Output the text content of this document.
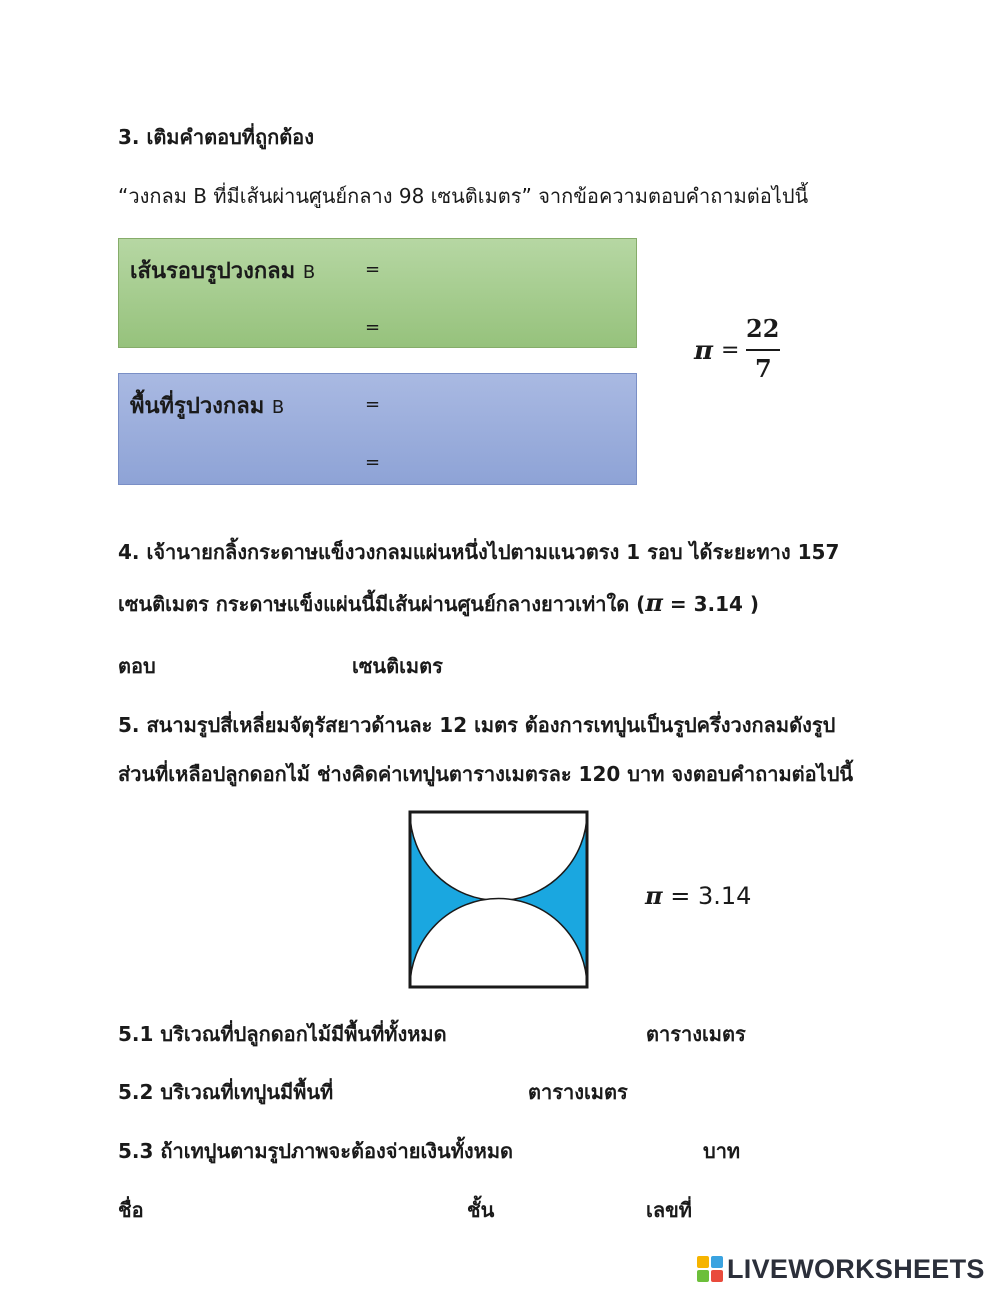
3. เติมคำตอบที่ถูกต้อง
“วงกลม B ที่มีเส้นผ่านศูนย์กลาง 98 เซนติเมตร” จากข้อความตอบคำถามต่อไปนี้
เส้นรอบรูปวงกลม B	=
=
พื้นที่รูปวงกลม B	=
=
π =
22
7
4. เจ้านายกลิ้งกระดาษแข็งวงกลมแผ่นหนึ่งไปตามแนวตรง 1 รอบ ได้ระยะทาง 157
เซนติเมตร กระดาษแข็งแผ่นนี้มีเส้นผ่านศูนย์กลางยาวเท่าใด (π = 3.14 )
ตอบ	เซนติเมตร
5. สนามรูปสี่เหลี่ยมจัตุรัสยาวด้านละ 12 เมตร ต้องการเทปูนเป็นรูปครึ่งวงกลมดังรูป
ส่วนที่เหลือปลูกดอกไม้ ช่างคิดค่าเทปูนตารางเมตรละ 120 บาท จงตอบคำถามต่อไปนี้
π = 3.14
5.1 บริเวณที่ปลูกดอกไม้มีพื้นที่ทั้งหมด	ตารางเมตร
5.2 บริเวณที่เทปูนมีพื้นที่	ตารางเมตร
5.3 ถ้าเทปูนตามรูปภาพจะต้องจ่ายเงินทั้งหมด	บาท
ชื่อ	ชั้น	เลขที่
LIVEWORKSHEETS
